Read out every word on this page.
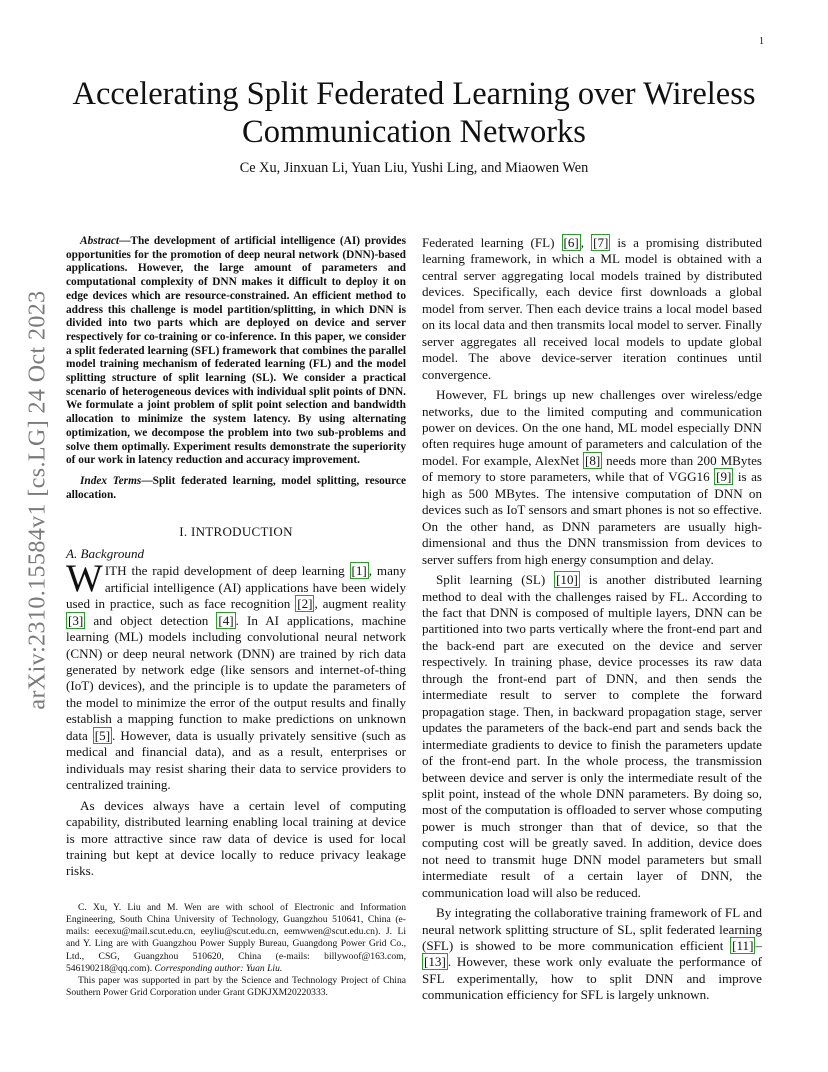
1
arXiv:2310.15584v1 [cs.LG] 24 Oct 2023
Accelerating Split Federated Learning over Wireless
Communication Networks
Ce Xu, Jinxuan Li, Yuan Liu, Yushi Ling, and Miaowen Wen

Abstract—The development of artificial intelligence (AI) provides opportunities for the promotion of deep neural network (DNN)-based applications. However, the large amount of parameters and computational complexity of DNN makes it difficult to deploy it on edge devices which are resource-constrained. An efficient method to address this challenge is model partition/splitting, in which DNN is divided into two parts which are deployed on device and server respectively for co-training or co-inference. In this paper, we consider a split federated learning (SFL) framework that combines the parallel model training mechanism of federated learning (FL) and the model splitting structure of split learning (SL). We consider a practical scenario of heterogeneous devices with individual split points of DNN. We formulate a joint problem of split point selection and bandwidth allocation to minimize the system latency. By using alternating optimization, we decompose the problem into two sub-problems and solve them optimally. Experiment results demonstrate the superiority of our work in latency reduction and accuracy improvement.

Index Terms—Split federated learning, model splitting, resource allocation.

I. INTRODUCTION
A. Background

WITH the rapid development of deep learning [1] , many artificial intelligence (AI) applications have been widely used in practice, such as face recognition [2] , augment reality [3] and object detection [4] . In AI applications, machine learning (ML) models including convolutional neural network (CNN) or deep neural network (DNN) are trained by rich data generated by network edge (like sensors and internet-of-thing (IoT) devices), and the principle is to update the parameters of the model to minimize the error of the output results and finally establish a mapping function to make predictions on unknown data [5] . However, data is usually privately sensitive (such as medical and financial data), and as a result, enterprises or individuals may resist sharing their data to service providers to centralized training.

As devices always have a certain level of computing capability, distributed learning enabling local training at device is more attractive since raw data of device is used for local training but kept at device locally to reduce privacy leakage risks.

C. Xu, Y. Liu and M. Wen are with school of Electronic and Information Engineering, South China University of Technology, Guangzhou 510641, China (e-mails: eecexu@mail.scut.edu.cn, eeyliu@scut.edu.cn, eemwwen@scut.edu.cn). J. Li and Y. Ling are with Guangzhou Power Supply Bureau, Guangdong Power Grid Co., Ltd., CSG, Guangzhou 510620, China (e-mails: billywoof@163.com, 546190218@qq.com). Corresponding author: Yuan Liu.

This paper was supported in part by the Science and Technology Project of China Southern Power Grid Corporation under Grant GDKJXM20220333.

Federated learning (FL) [6] , [7] is a promising distributed learning framework, in which a ML model is obtained with a central server aggregating local models trained by distributed devices. Specifically, each device first downloads a global model from server. Then each device trains a local model based on its local data and then transmits local model to server. Finally server aggregates all received local models to update global model. The above device-server iteration continues until convergence.

However, FL brings up new challenges over wireless/edge networks, due to the limited computing and communication power on devices. On the one hand, ML model especially DNN often requires huge amount of parameters and calculation of the model. For example, AlexNet [8] needs more than 200 MBytes of memory to store parameters, while that of VGG16 [9] is as high as 500 MBytes. The intensive computation of DNN on devices such as IoT sensors and smart phones is not so effective. On the other hand, as DNN parameters are usually high-dimensional and thus the DNN transmission from devices to server suffers from high energy consumption and delay.

Split learning (SL) [10] is another distributed learning method to deal with the challenges raised by FL. According to the fact that DNN is composed of multiple layers, DNN can be partitioned into two parts vertically where the front-end part and the back-end part are executed on the device and server respectively. In training phase, device processes its raw data through the front-end part of DNN, and then sends the intermediate result to server to complete the forward propagation stage. Then, in backward propagation stage, server updates the parameters of the back-end part and sends back the intermediate gradients to device to finish the parameters update of the front-end part. In the whole process, the transmission between device and server is only the intermediate result of the split point, instead of the whole DNN parameters. By doing so, most of the computation is offloaded to server whose computing power is much stronger than that of device, so that the computing cost will be greatly saved. In addition, device does not need to transmit huge DNN model parameters but small intermediate result of a certain layer of DNN, the communication load will also be reduced.

By integrating the collaborative training framework of FL and neural network splitting structure of SL, split federated learning (SFL) is showed to be more communication efficient [11] –[13] . However, these work only evaluate the performance of SFL experimentally, how to split DNN and improve communication efficiency for SFL is largely unknown.
